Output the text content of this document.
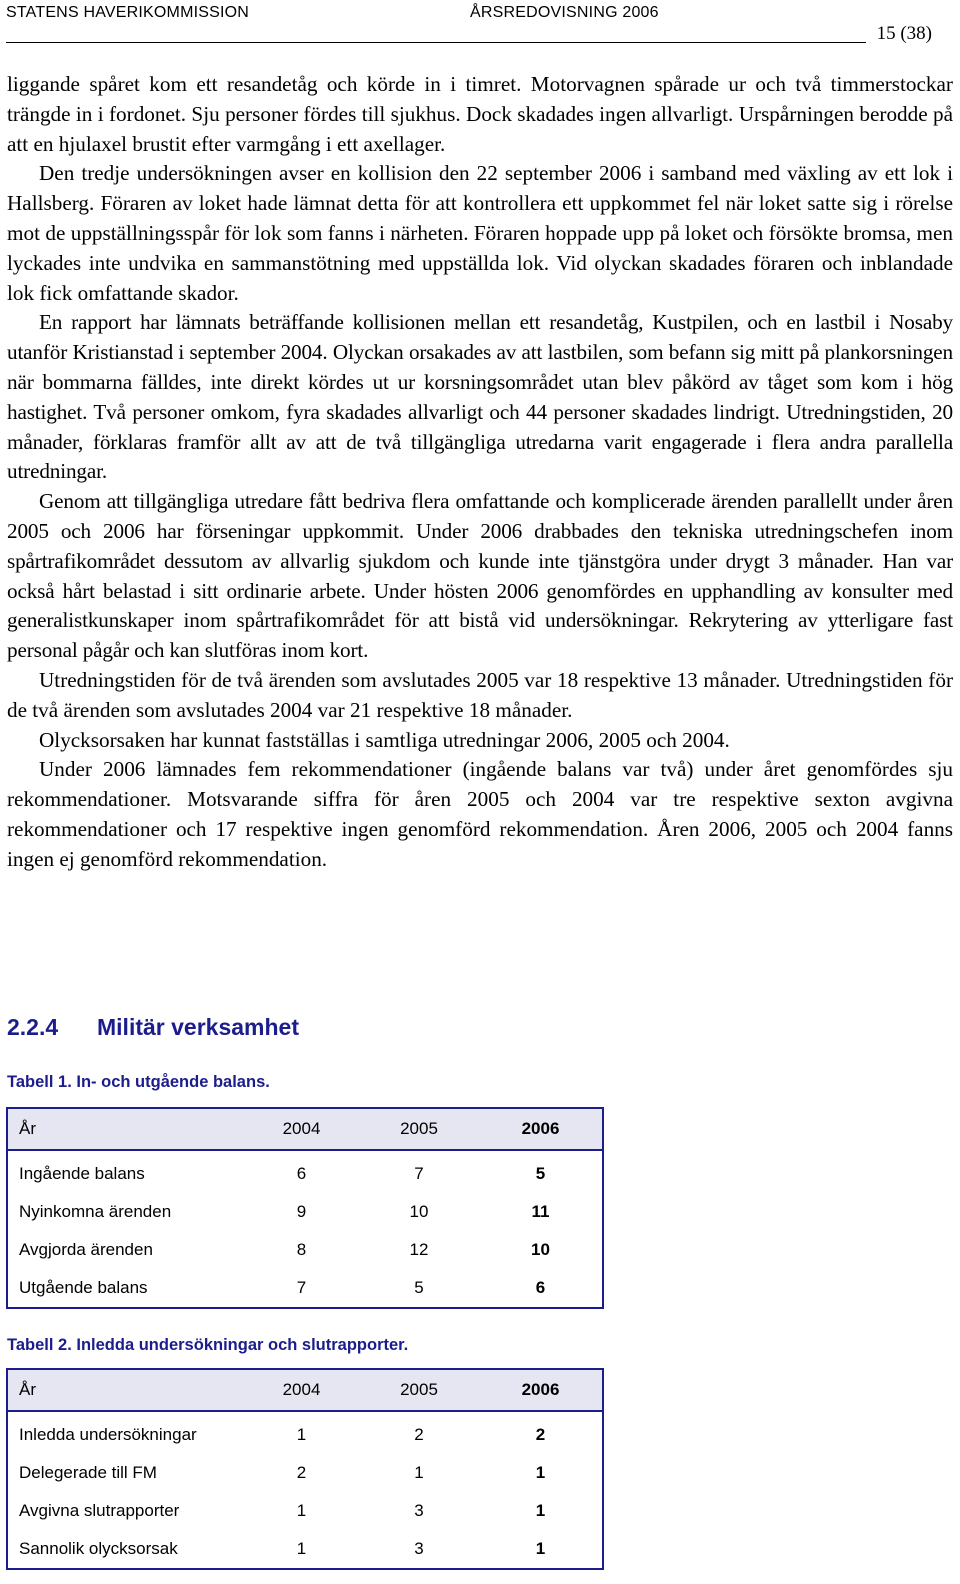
STATENS HAVERIKOMMISSION	ÅRSREDOVISNING 2006
15 (38)

liggande spåret kom ett resandetåg och körde in i timret. Motorvagnen spårade ur och två timmerstockar trängde in i fordonet. Sju personer fördes till sjukhus. Dock skadades ingen allvarligt. Urspårningen berodde på att en hjulaxel brustit efter varmgång i ett axellager.

Den tredje undersökningen avser en kollision den 22 september 2006 i samband med växling av ett lok i Hallsberg. Föraren av loket hade lämnat detta för att kontrollera ett uppkommet fel när loket satte sig i rörelse mot de uppställningsspår för lok som fanns i närheten. Föraren hoppade upp på loket och försökte bromsa, men lyckades inte undvika en sammanstötning med uppställda lok. Vid olyckan skadades föraren och inblandade lok fick omfattande skador.

En rapport har lämnats beträffande kollisionen mellan ett resandetåg, Kustpilen, och en lastbil i Nosaby utanför Kristianstad i september 2004. Olyckan orsakades av att lastbilen, som befann sig mitt på plankorsningen när bommarna fälldes, inte direkt kördes ut ur korsningsområdet utan blev påkörd av tåget som kom i hög hastighet. Två personer omkom, fyra skadades allvarligt och 44 personer skadades lindrigt. Utredningstiden, 20 månader, förklaras framför allt av att de två tillgängliga utredarna varit engagerade i flera andra parallella utredningar.

Genom att tillgängliga utredare fått bedriva flera omfattande och komplicerade ärenden parallellt under åren 2005 och 2006 har förseningar uppkommit. Under 2006 drabbades den tekniska utredningschefen inom spårtrafikområdet dessutom av allvarlig sjukdom och kunde inte tjänstgöra under drygt 3 månader. Han var också hårt belastad i sitt ordinarie arbete. Under hösten 2006 genomfördes en upphandling av konsulter med generalistkunskaper inom spårtrafikområdet för att bistå vid undersökningar. Rekrytering av ytterligare fast personal pågår och kan slutföras inom kort.

Utredningstiden för de två ärenden som avslutades 2005 var 18 respektive 13 månader. Utredningstiden för de två ärenden som avslutades 2004 var 21 respektive 18 månader.

Olycksorsaken har kunnat fastställas i samtliga utredningar 2006, 2005 och 2004.

Under 2006 lämnades fem rekommendationer (ingående balans var två) under året genomfördes sju rekommendationer. Motsvarande siffra för åren 2005 och 2004 var tre respektive sexton avgivna rekommendationer och 17 respektive ingen genomförd rekommendation. Åren 2006, 2005 och 2004 fanns ingen ej genomförd rekommendation.

2.2.4 Militär verksamhet
Tabell 1. In- och utgående balans.
År	2004	2005	2006
Ingående balans	6	7	5
Nyinkomna ärenden	9	10	11
Avgjorda ärenden	8	12	10
Utgående balans	7	5	6
Tabell 2. Inledda undersökningar och slutrapporter.
År	2004	2005	2006
Inledda undersökningar	1	2	2
Delegerade till FM	2	1	1
Avgivna slutrapporter	1	3	1
Sannolik olycksorsak	1	3	1
